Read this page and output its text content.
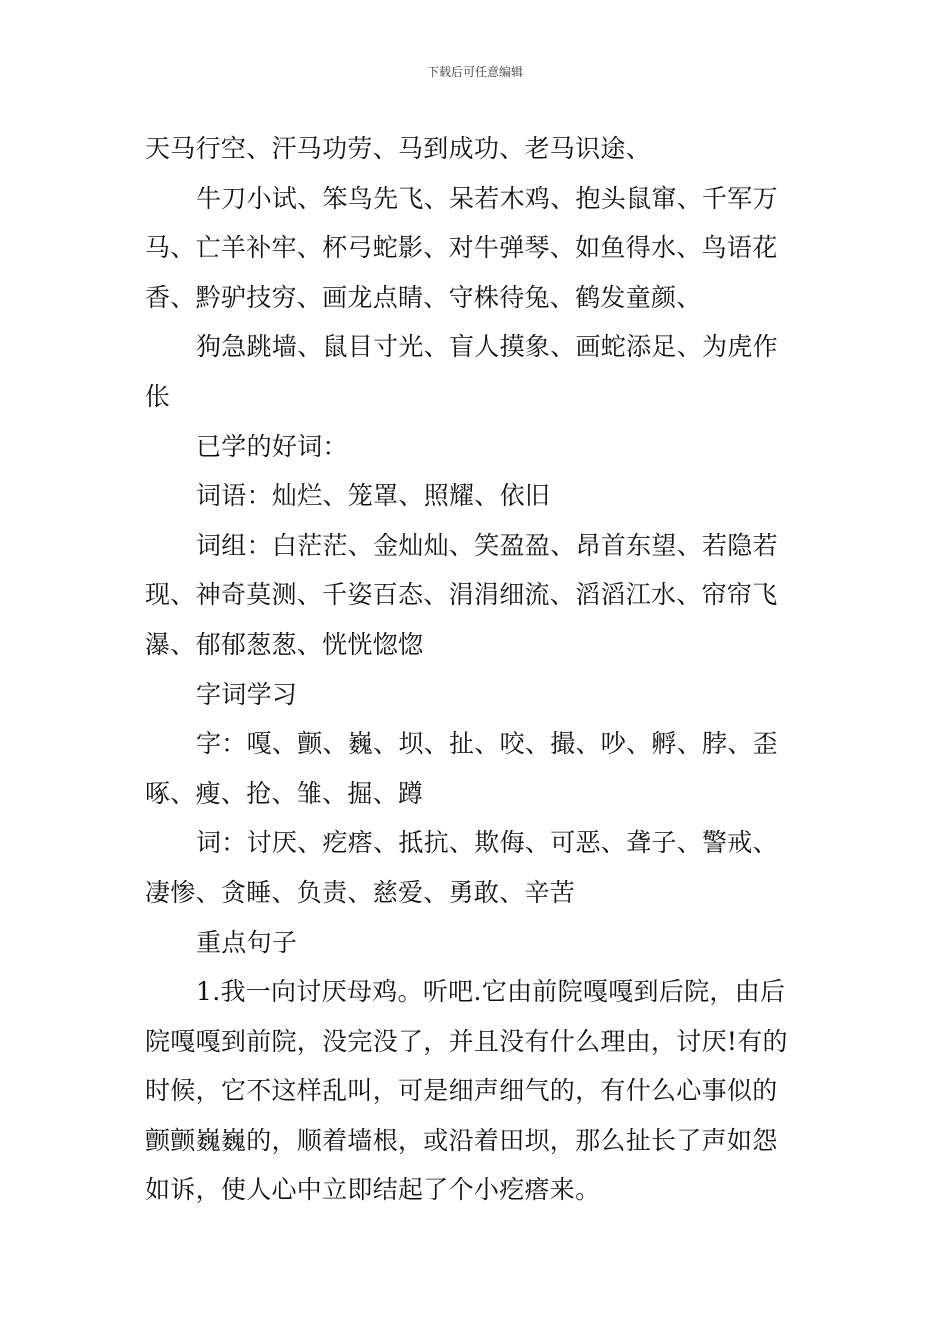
下载后可任意编辑

天马行空、汗马功劳、马到成功、老马识途、

牛刀小试、笨鸟先飞、呆若木鸡、抱头鼠窜、千军万
马、亡羊补牢、杯弓蛇影、对牛弹琴、如鱼得水、鸟语花
香、黔驴技穷、画龙点睛、守株待兔、鹤发童颜、

狗急跳墙、鼠目寸光、盲人摸象、画蛇添足、为虎作
伥

已学的好词：

词语：灿烂、笼罩、照耀、依旧

词组：白茫茫、金灿灿、笑盈盈、昂首东望、若隐若
现、神奇莫测、千姿百态、涓涓细流、滔滔江水、帘帘飞
瀑、郁郁葱葱、恍恍惚惚

字词学习

字：嘎、颤、巍、坝、扯、咬、撮、吵、孵、脖、歪
啄、瘦、抢、雏、掘、蹲

词：讨厌、疙瘩、抵抗、欺侮、可恶、聋子、警戒、
凄惨、贪睡、负责、慈爱、勇敢、辛苦

重点句子

1.我一向讨厌母鸡。听吧.它由前院嘎嘎到后院，由后
院嘎嘎到前院，没完没了，并且没有什么理由，讨厌!有的
时候，它不这样乱叫，可是细声细气的，有什么心事似的
颤颤巍巍的，顺着墙根，或沿着田坝，那么扯长了声如怨
如诉，使人心中立即结起了个小疙瘩来。
